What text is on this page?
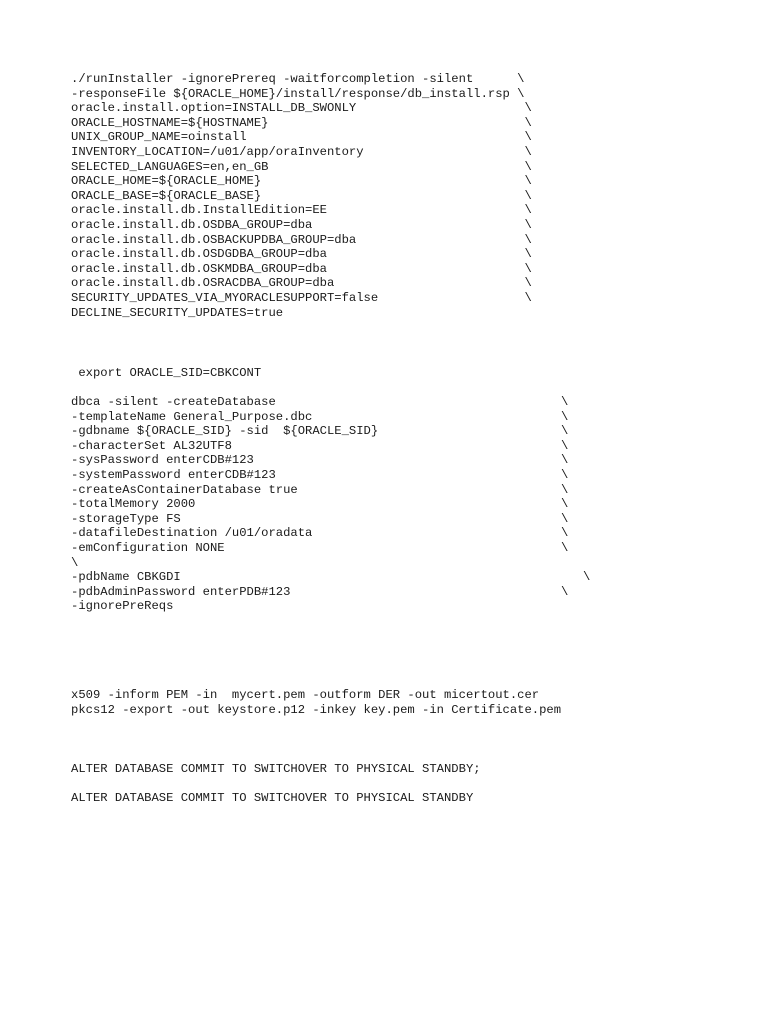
./runInstaller -ignorePrereq -waitforcompletion -silent      \
-responseFile ${ORACLE_HOME}/install/response/db_install.rsp \
oracle.install.option=INSTALL_DB_SWONLY                       \
ORACLE_HOSTNAME=${HOSTNAME}                                   \
UNIX_GROUP_NAME=oinstall                                      \
INVENTORY_LOCATION=/u01/app/oraInventory                      \
SELECTED_LANGUAGES=en,en_GB                                   \
ORACLE_HOME=${ORACLE_HOME}                                    \
ORACLE_BASE=${ORACLE_BASE}                                    \
oracle.install.db.InstallEdition=EE                           \
oracle.install.db.OSDBA_GROUP=dba                             \
oracle.install.db.OSBACKUPDBA_GROUP=dba                       \
oracle.install.db.OSDGDBA_GROUP=dba                           \
oracle.install.db.OSKMDBA_GROUP=dba                           \
oracle.install.db.OSRACDBA_GROUP=dba                          \
SECURITY_UPDATES_VIA_MYORACLESUPPORT=false                    \
DECLINE_SECURITY_UPDATES=true
export ORACLE_SID=CBKCONT
dbca -silent -createDatabase                                       \
-templateName General_Purpose.dbc                                  \
-gdbname ${ORACLE_SID} -sid  ${ORACLE_SID}                         \
-characterSet AL32UTF8                                             \
-sysPassword enterCDB#123                                          \
-systemPassword enterCDB#123                                       \
-createAsContainerDatabase true                                    \
-totalMemory 2000                                                  \
-storageType FS                                                    \
-datafileDestination /u01/oradata                                  \
-emConfiguration NONE                                              \
\
-pdbName CBKGDI                                                       \
-pdbAdminPassword enterPDB#123                                     \
-ignorePreReqs
x509 -inform PEM -in  mycert.pem -outform DER -out micertout.cer
pkcs12 -export -out keystore.p12 -inkey key.pem -in Certificate.pem
ALTER DATABASE COMMIT TO SWITCHOVER TO PHYSICAL STANDBY;
ALTER DATABASE COMMIT TO SWITCHOVER TO PHYSICAL STANDBY
